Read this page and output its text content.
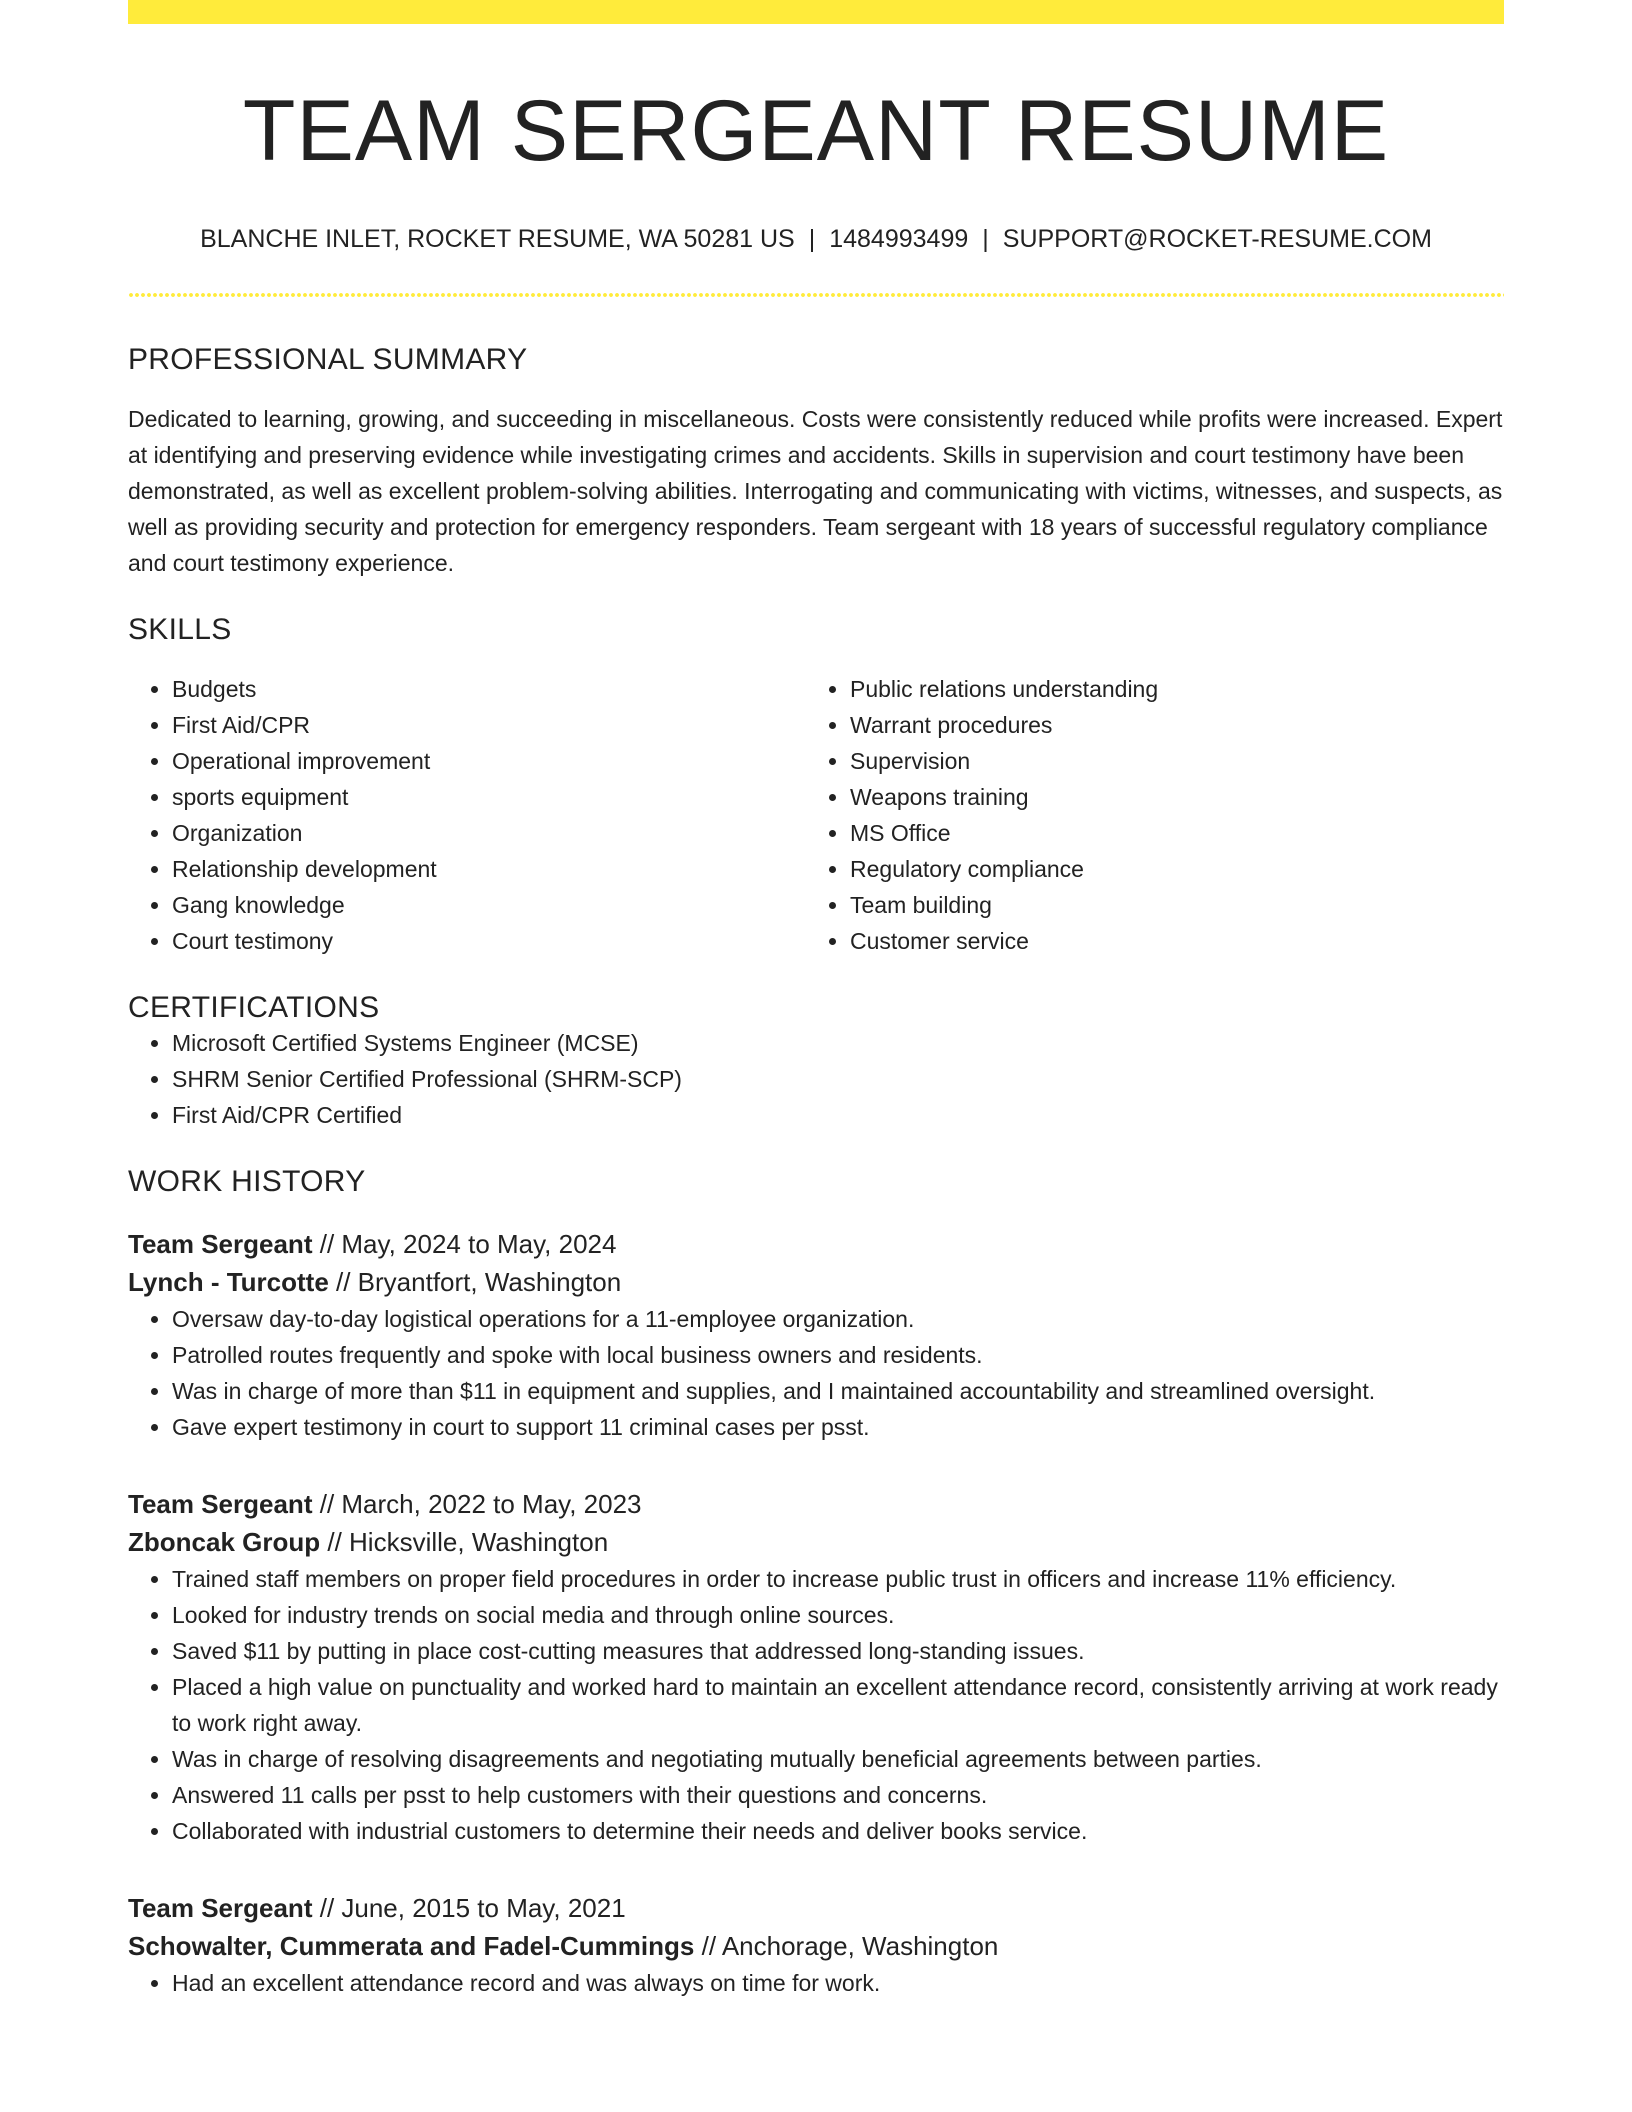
TEAM SERGEANT RESUME
BLANCHE INLET, ROCKET RESUME, WA 50281 US | 1484993499 | SUPPORT@ROCKET-RESUME.COM
PROFESSIONAL SUMMARY

Dedicated to learning, growing, and succeeding in miscellaneous. Costs were consistently reduced while profits were increased. Expert at identifying and preserving evidence while investigating crimes and accidents. Skills in supervision and court testimony have been demonstrated, as well as excellent problem-solving abilities. Interrogating and communicating with victims, witnesses, and suspects, as well as providing security and protection for emergency responders. Team sergeant with 18 years of successful regulatory compliance and court testimony experience.

SKILLS
• Budgets
• First Aid/CPR
• Operational improvement
• sports equipment
• Organization
• Relationship development
• Gang knowledge
• Court testimony
• Public relations understanding
• Warrant procedures
• Supervision
• Weapons training
• MS Office
• Regulatory compliance
• Team building
• Customer service
CERTIFICATIONS
• Microsoft Certified Systems Engineer (MCSE)
• SHRM Senior Certified Professional (SHRM-SCP)
• First Aid/CPR Certified
WORK HISTORY
Team Sergeant // May, 2024 to May, 2024
Lynch - Turcotte // Bryantfort, Washington
• Oversaw day-to-day logistical operations for a 11-employee organization.
• Patrolled routes frequently and spoke with local business owners and residents.
• Was in charge of more than $11 in equipment and supplies, and I maintained accountability and streamlined oversight.
• Gave expert testimony in court to support 11 criminal cases per psst.
Team Sergeant // March, 2022 to May, 2023
Zboncak Group // Hicksville, Washington
• Trained staff members on proper field procedures in order to increase public trust in officers and increase 11% efficiency.
• Looked for industry trends on social media and through online sources.
• Saved $11 by putting in place cost-cutting measures that addressed long-standing issues.
• Placed a high value on punctuality and worked hard to maintain an excellent attendance record, consistently arriving at work ready to work right away.
• Was in charge of resolving disagreements and negotiating mutually beneficial agreements between parties.
• Answered 11 calls per psst to help customers with their questions and concerns.
• Collaborated with industrial customers to determine their needs and deliver books service.
Team Sergeant // June, 2015 to May, 2021
Schowalter, Cummerata and Fadel-Cummings // Anchorage, Washington
• Had an excellent attendance record and was always on time for work.
